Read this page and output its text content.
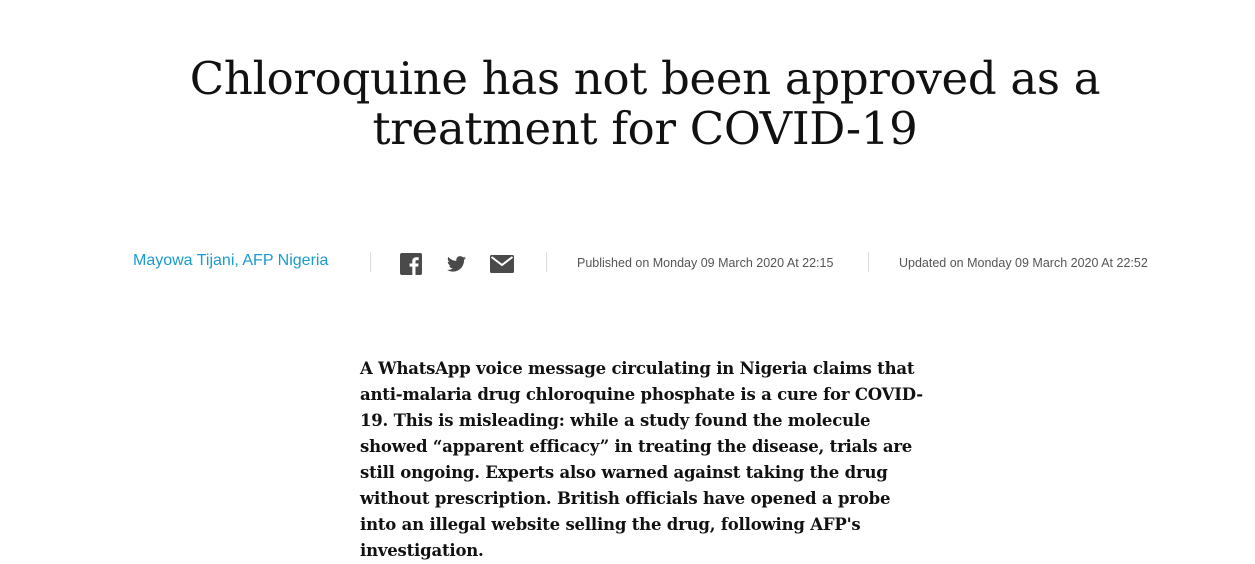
Chloroquine has not been approved as a treatment for COVID-19
Mayowa Tijani, AFP Nigeria	Published on Monday 09 March 2020 At 22:15	Updated on Monday 09 March 2020 At 22:52

A WhatsApp voice message circulating in Nigeria claims that anti-malaria drug chloroquine phosphate is a cure for COVID-19. This is misleading: while a study found the molecule showed “apparent efficacy” in treating the disease, trials are still ongoing. Experts also warned against taking the drug without prescription. British officials have opened a probe into an illegal website selling the drug, following AFP's investigation.
